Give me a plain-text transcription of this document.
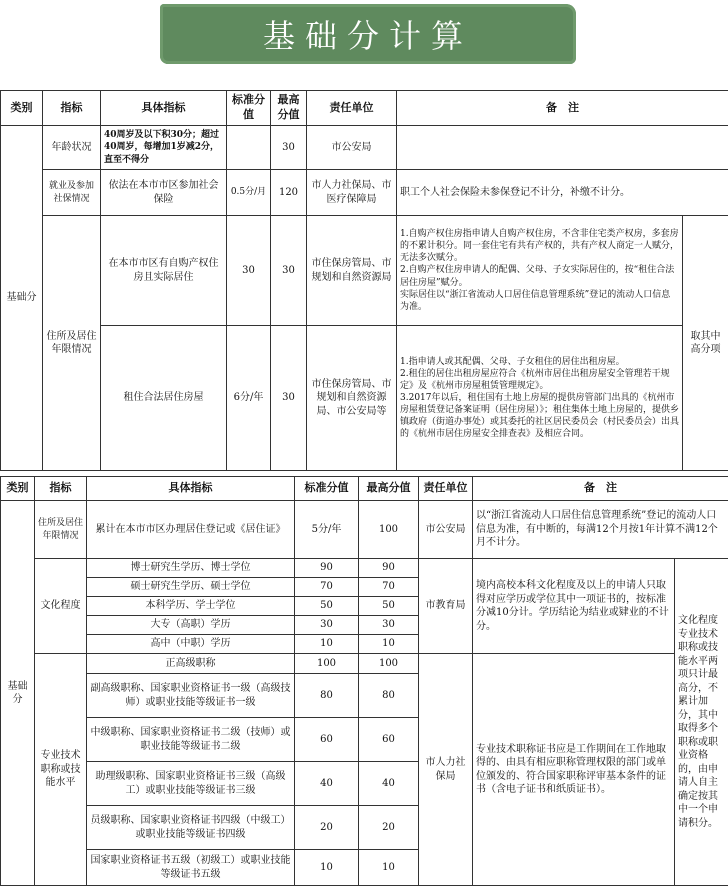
基础分计算
类别	指标	具体指标	标准分值	最高分值	责任单位	备　注	
基础分	年龄状况	40周岁及以下积30分；超过40周岁，每增加1岁减2分，直至不得分		30	市公安局		
	就业及参加社保情况	依法在本市市区参加社会保险	0.5分/月	120	市人力社保局、市医疗保障局	职工个人社会保险未参保登记不计分，补缴不计分。	
	住所及居住年限情况	在本市市区有自购产权住房且实际居住	30	30	市住保房管局、市规划和自然资源局	1.自购产权住房指申请人自购产权住房，不含非住宅类产权房，多套房的不累计积分。同一套住宅有共有产权的，共有产权人商定一人赋分，无法多次赋分。

2.自购产权住房申请人的配偶、父母、子女实际居住的，按“租住合法居住房屋”赋分。

实际居住以“浙江省流动人口居住信息管理系统”登记的流动人口信息为准。	取其中高分项
		租住合法居住房屋	6分/年	30	市住保房管局、市规划和自然资源局、市公安局等	1.指申请人或其配偶、父母、子女租住的居住出租房屋。

2.租住的居住出租房屋应符合《杭州市居住出租房屋安全管理若干规定》及《杭州市房屋租赁管理规定》。

3.2017年以后，租住国有土地上房屋的提供房管部门出具的《杭州市房屋租赁登记备案证明（居住房屋）》；租住集体土地上房屋的，提供乡镇政府（街道办事处）或其委托的社区居民委员会（村民委员会）出具的《杭州市居住房屋安全排查表》及相应合同。	

类别	指标	具体指标	标准分值	最高分值	责任单位	备　注	
基础分	住所及居住年限情况	累计在本市市区办理居住登记或《居住证》	5分/年	100	市公安局	以“浙江省流动人口居住信息管理系统”登记的流动人口信息为准，有中断的，每满12个月按1年计算不满12个月不计分。	
	文化程度	博士研究生学历、博士学位	90	90	市教育局	境内高校本科文化程度及以上的申请人只取得对应学历或学位其中一项证书的，按标准分减10分计。学历结论为结业或肄业的不计分。	文化程度专业技术职称或技能水平两项只计最高分，不累计加分，其中取得多个职称或职业资格的，由申请人自主确定按其中一个申请积分。
		硕士研究生学历、硕士学位	70	70			
		本科学历、学士学位	50	50			
		大专（高职）学历	30	30			
		高中（中职）学历	10	10			
	专业技术职称或技能水平	正高级职称	100	100	市人力社保局	专业技术职称证书应是工作期间在工作地取得的、由具有相应职称管理权限的部门或单位颁发的、符合国家职称评审基本条件的证书（含电子证书和纸质证书）。	
		副高级职称、国家职业资格证书一级（高级技师）或职业技能等级证书一级	80	80			
		中级职称、国家职业资格证书二级（技师）或职业技能等级证书二级	60	60			
		助理级职称、国家职业资格证书三级（高级工）或职业技能等级证书三级	40	40			
		员级职称、国家职业资格证书四级（中级工）或职业技能等级证书四级	20	20			
		国家职业资格证书五级（初级工）或职业技能等级证书五级	10	10			
